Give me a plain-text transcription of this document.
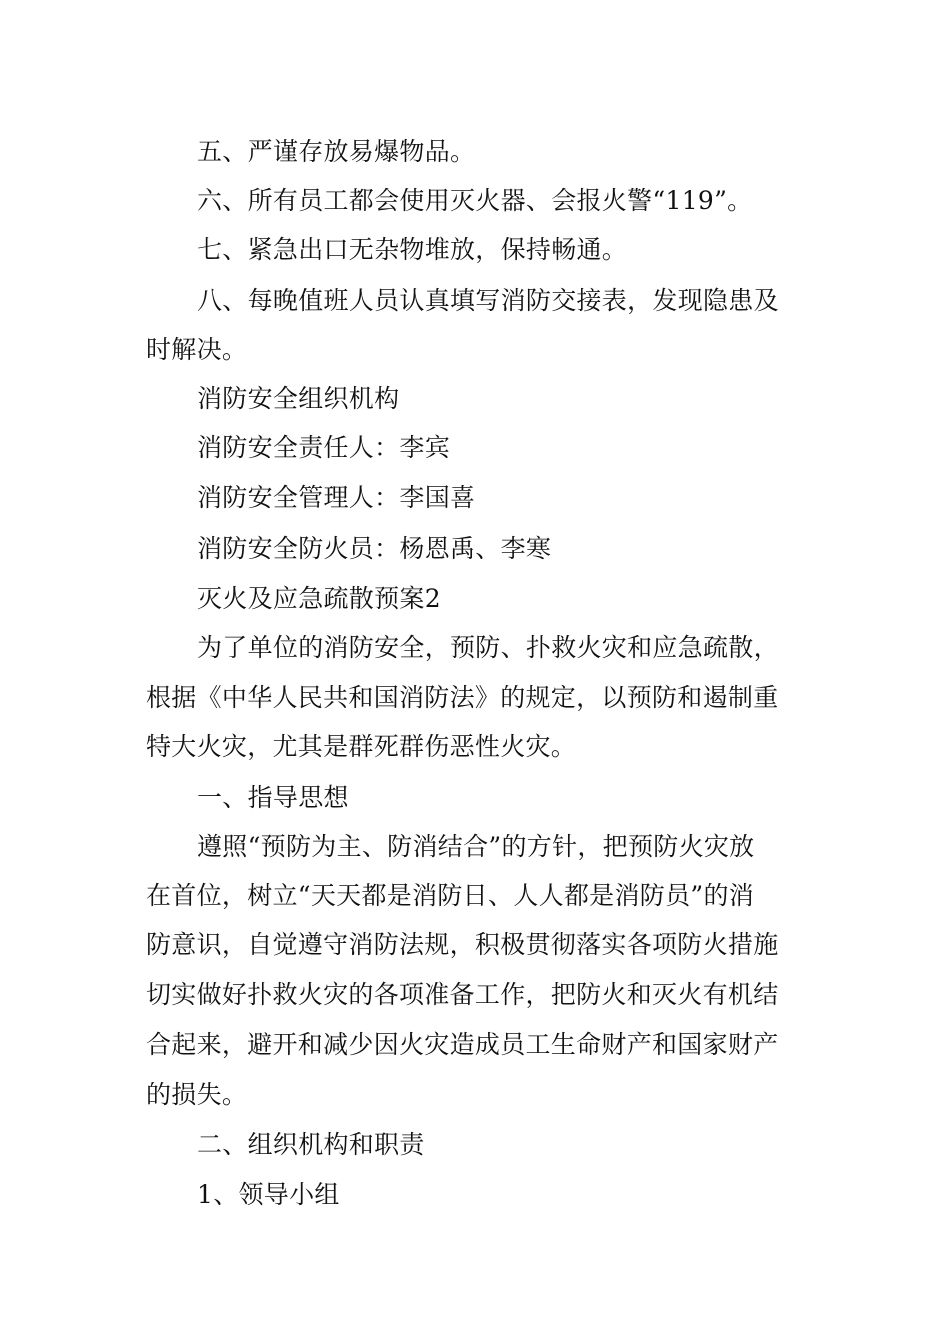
五、严谨存放易爆物品。
六、所有员工都会使用灭火器、会报火警“119”。
七、紧急出口无杂物堆放，保持畅通。
八、每晚值班人员认真填写消防交接表，发现隐患及
时解决。
消防安全组织机构
消防安全责任人：李宾
消防安全管理人：李国喜
消防安全防火员：杨恩禹、李寒
灭火及应急疏散预案2
为了单位的消防安全，预防、扑救火灾和应急疏散，
根据《中华人民共和国消防法》的规定，以预防和遏制重
特大火灾，尤其是群死群伤恶性火灾。
一、指导思想
遵照“预防为主、防消结合”的方针，把预防火灾放
在首位，树立“天天都是消防日、人人都是消防员”的消
防意识，自觉遵守消防法规，积极贯彻落实各项防火措施
切实做好扑救火灾的各项准备工作，把防火和灭火有机结
合起来，避开和减少因火灾造成员工生命财产和国家财产
的损失。
二、组织机构和职责
1、领导小组
